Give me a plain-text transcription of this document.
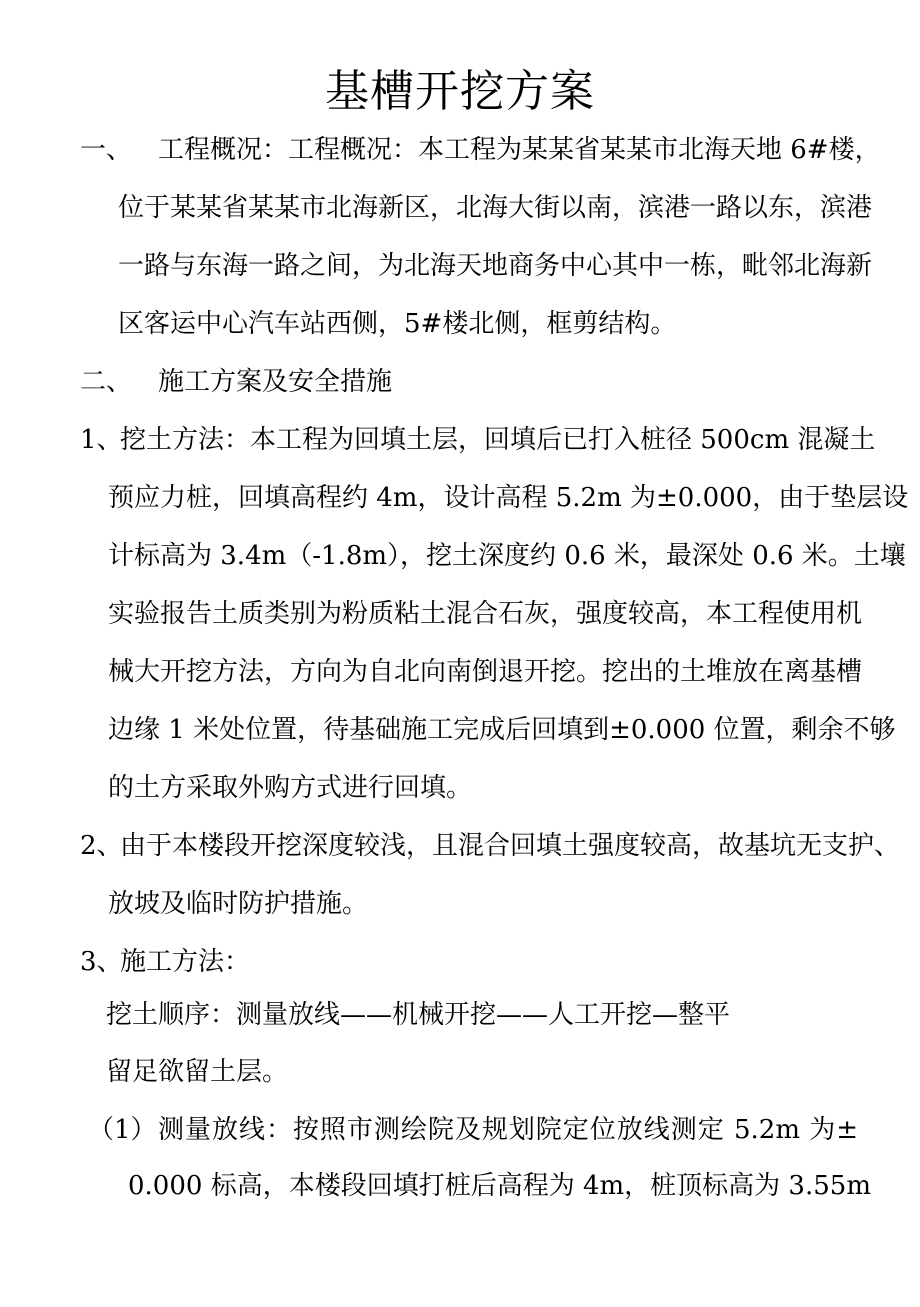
基槽开挖方案
一、 工程概况：工程概况：本工程为某某省某某市北海天地 6#楼，
位于某某省某某市北海新区，北海大街以南，滨港一路以东，滨港
一路与东海一路之间，为北海天地商务中心其中一栋，毗邻北海新
区客运中心汽车站西侧，5#楼北侧，框剪结构。
二、 施工方案及安全措施
1、
挖土方法：本工程为回填土层，回填后已打入桩径 500cm 混凝土
预应力桩，回填高程约 4m，设计高程 5.2m 为±0.000，由于垫层设
计标高为 3.4m（-1.8m），挖土深度约 0.6 米，最深处 0.6 米。土壤
实验报告土质类别为粉质粘土混合石灰，强度较高，本工程使用机
械大开挖方法，方向为自北向南倒退开挖。挖出的土堆放在离基槽
边缘 1 米处位置，待基础施工完成后回填到±0.000 位置，剩余不够
的土方采取外购方式进行回填。
2、
由于本楼段开挖深度较浅，且混合回填土强度较高，故基坑无支护、
放坡及临时防护措施。
3、
施工方法：
挖土顺序：测量放线——机械开挖——人工开挖—整平
留足欲留土层。
（1） 测量放线：按照市测绘院及规划院定位放线测定 5.2m 为±
0.000 标高，本楼段回填打桩后高程为 4m，桩顶标高为 3.55m
